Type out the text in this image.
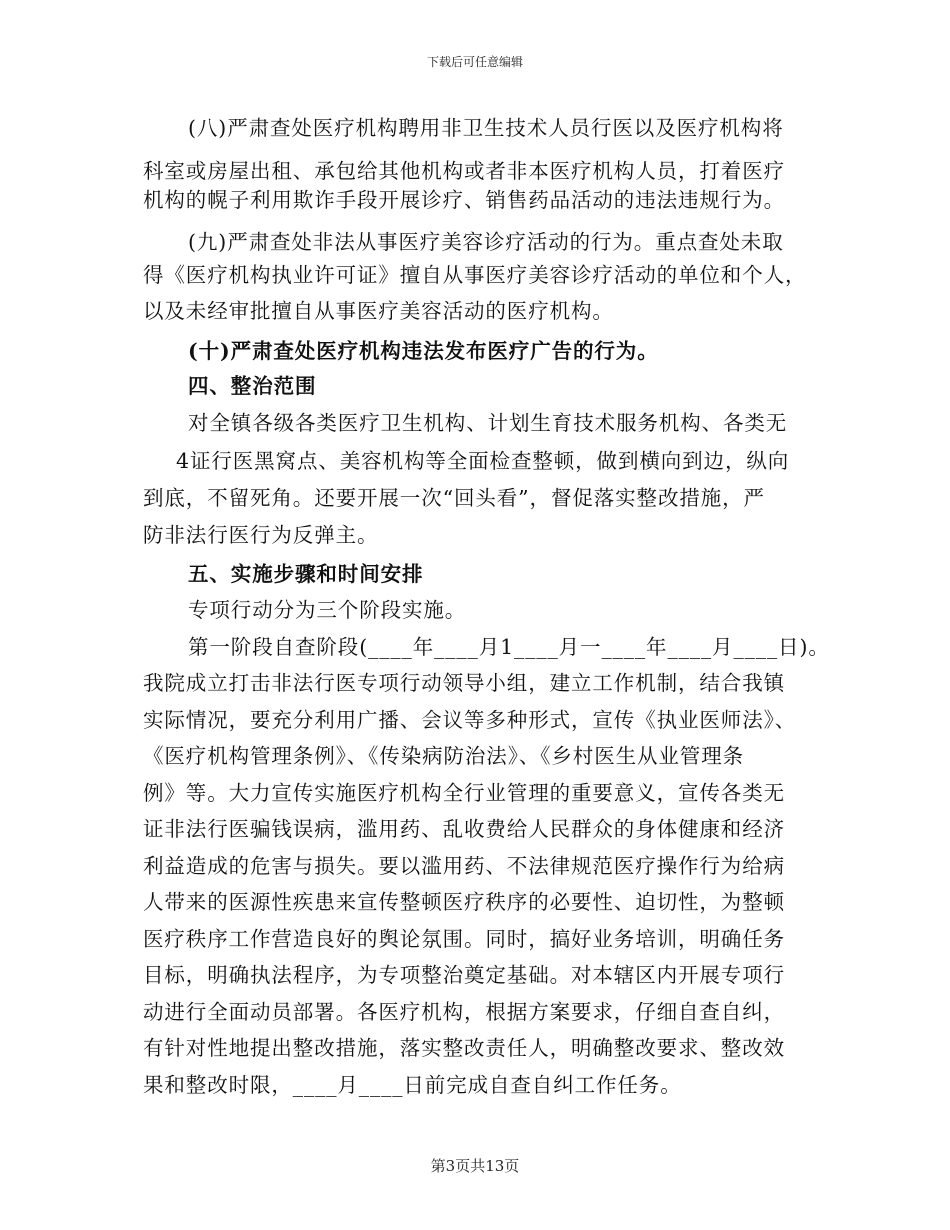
下载后可任意编辑
(八)严肃查处医疗机构聘用非卫生技术人员行医以及医疗机构将
科室或房屋出租、承包给其他机构或者非本医疗机构人员，打着医疗
机构的幌子利用欺诈手段开展诊疗、销售药品活动的违法违规行为。
(九)严肃查处非法从事医疗美容诊疗活动的行为。重点查处未取
得《医疗机构执业许可证》擅自从事医疗美容诊疗活动的单位和个人，
以及未经审批擅自从事医疗美容活动的医疗机构。
(十)严肃查处医疗机构违法发布医疗广告的行为。
四、整治范围
对全镇各级各类医疗卫生机构、计划生育技术服务机构、各类无
4证行医黑窝点、美容机构等全面检查整顿，做到横向到边，纵向
到底，不留死角。还要开展一次“回头看”，督促落实整改措施，严
防非法行医行为反弹主。
五、实施步骤和时间安排
专项行动分为三个阶段实施。
第一阶段自查阶段(____年____月1____月一____年____月____日)。
我院成立打击非法行医专项行动领导小组，建立工作机制，结合我镇
实际情况，要充分利用广播、会议等多种形式，宣传《执业医师法》、
《医疗机构管理条例》、《传染病防治法》、《乡村医生从业管理条
例》等。大力宣传实施医疗机构全行业管理的重要意义，宣传各类无
证非法行医骗钱误病，滥用药、乱收费给人民群众的身体健康和经济
利益造成的危害与损失。要以滥用药、不法律规范医疗操作行为给病
人带来的医源性疾患来宣传整顿医疗秩序的必要性、迫切性，为整顿
医疗秩序工作营造良好的舆论氛围。同时，搞好业务培训，明确任务
目标，明确执法程序，为专项整治奠定基础。对本辖区内开展专项行
动进行全面动员部署。各医疗机构，根据方案要求，仔细自查自纠，
有针对性地提出整改措施，落实整改责任人，明确整改要求、整改效
果和整改时限，____月____日前完成自查自纠工作任务。
第3页共13页
